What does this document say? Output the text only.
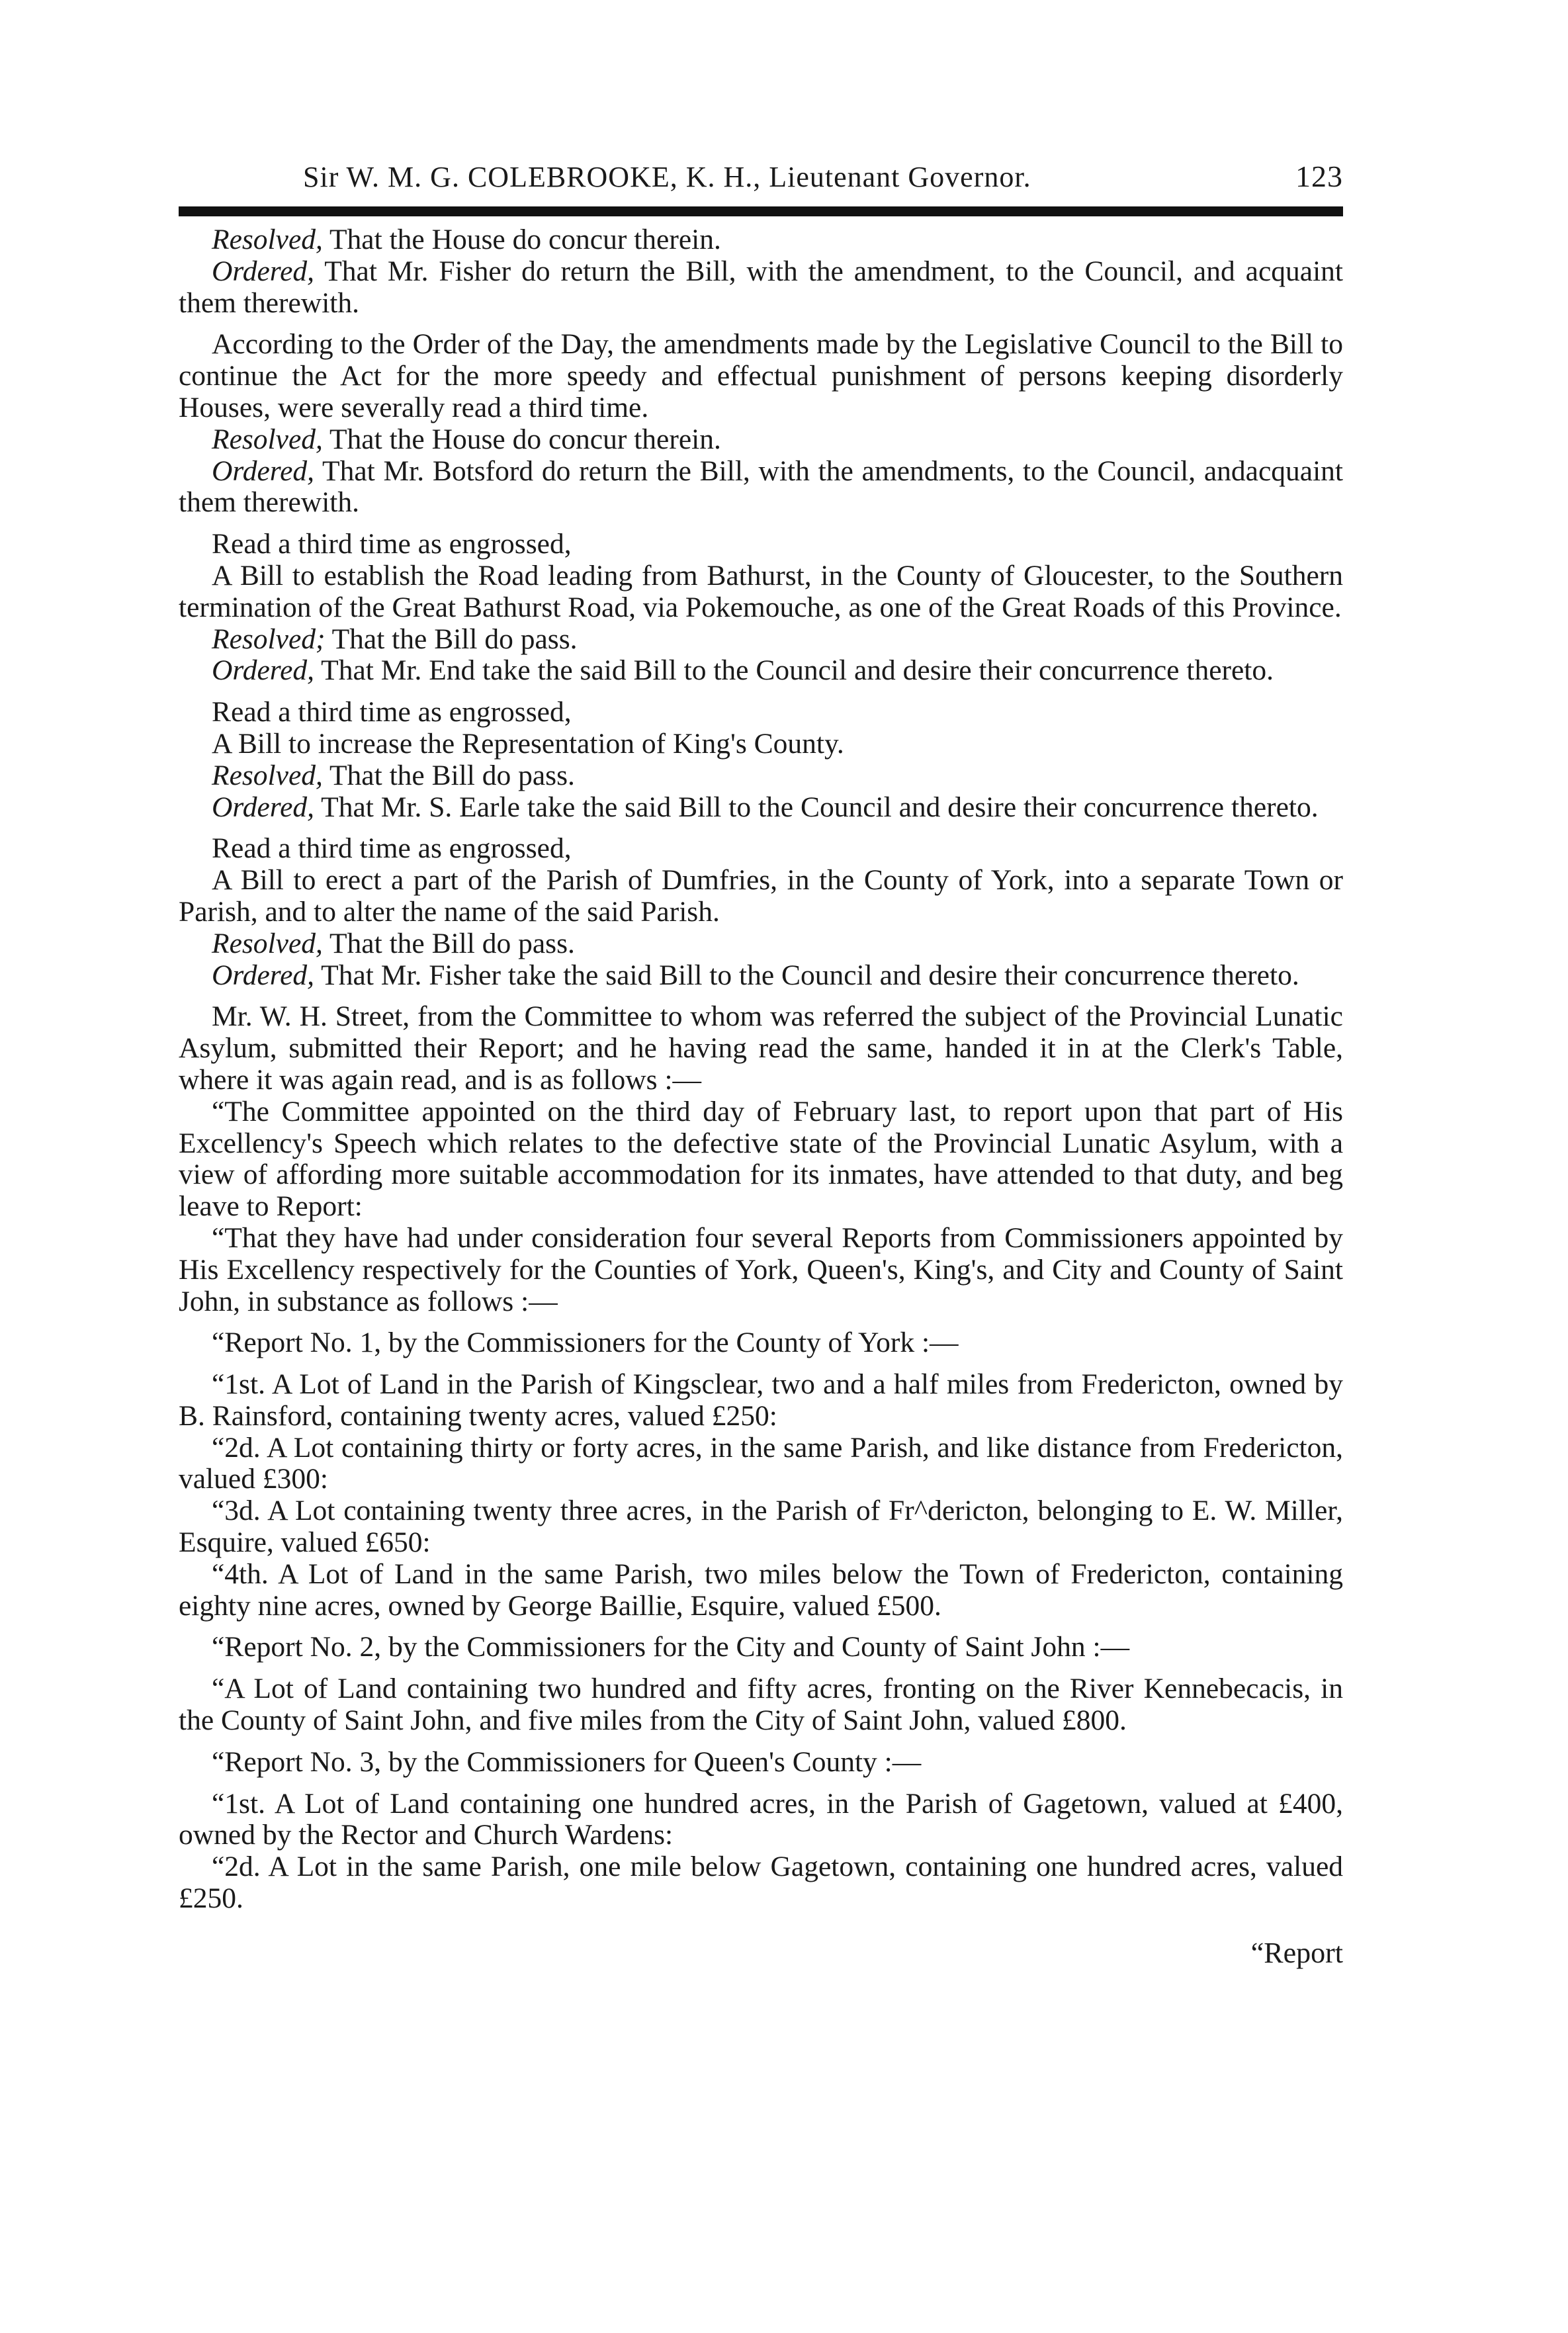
Sir W. M. G. COLEBROOKE, K. H., Lieutenant Governor.	123

Resolved, That the House do concur therein.

Ordered, That Mr. Fisher do return the Bill, with the amendment, to the Council, and acquaint them therewith.

According to the Order of the Day, the amendments made by the Legislative Council to the Bill to continue the Act for the more speedy and effectual punishment of persons keeping disorderly Houses, were severally read a third time.

Resolved, That the House do concur therein.

Ordered, That Mr. Botsford do return the Bill, with the amendments, to the Council, andacquaint them therewith.

Read a third time as engrossed,

A Bill to establish the Road leading from Bathurst, in the County of Gloucester, to the Southern termination of the Great Bathurst Road, via Pokemouche, as one of the Great Roads of this Province.

Resolved; That the Bill do pass.

Ordered, That Mr. End take the said Bill to the Council and desire their concurrence thereto.

Read a third time as engrossed,

A Bill to increase the Representation of King's County.

Resolved, That the Bill do pass.

Ordered, That Mr. S. Earle take the said Bill to the Council and desire their concurrence thereto.

Read a third time as engrossed,

A Bill to erect a part of the Parish of Dumfries, in the County of York, into a separate Town or Parish, and to alter the name of the said Parish.

Resolved, That the Bill do pass.

Ordered, That Mr. Fisher take the said Bill to the Council and desire their concurrence thereto.

Mr. W. H. Street, from the Committee to whom was referred the subject of the Provincial Lunatic Asylum, submitted their Report; and he having read the same, handed it in at the Clerk's Table, where it was again read, and is as follows :—

“The Committee appointed on the third day of February last, to report upon that part of His Excellency's Speech which relates to the defective state of the Provincial Lunatic Asylum, with a view of affording more suitable accommodation for its inmates, have attended to that duty, and beg leave to Report:

“That they have had under consideration four several Reports from Commissioners appointed by His Excellency respectively for the Counties of York, Queen's, King's, and City and County of Saint John, in substance as follows :—

“Report No. 1, by the Commissioners for the County of York :—

“1st. A Lot of Land in the Parish of Kingsclear, two and a half miles from Fredericton, owned by B. Rainsford, containing twenty acres, valued £250:

“2d. A Lot containing thirty or forty acres, in the same Parish, and like distance from Fredericton, valued £300:

“3d. A Lot containing twenty three acres, in the Parish of Fr^dericton, belonging to E. W. Miller, Esquire, valued £650:

“4th. A Lot of Land in the same Parish, two miles below the Town of Fredericton, containing eighty nine acres, owned by George Baillie, Esquire, valued £500.

“Report No. 2, by the Commissioners for the City and County of Saint John :—

“A Lot of Land containing two hundred and fifty acres, fronting on the River Kennebecacis, in the County of Saint John, and five miles from the City of Saint John, valued £800.

“Report No. 3, by the Commissioners for Queen's County :—

“1st. A Lot of Land containing one hundred acres, in the Parish of Gagetown, valued at £400, owned by the Rector and Church Wardens:

“2d. A Lot in the same Parish, one mile below Gagetown, containing one hundred acres, valued £250.

“Report
